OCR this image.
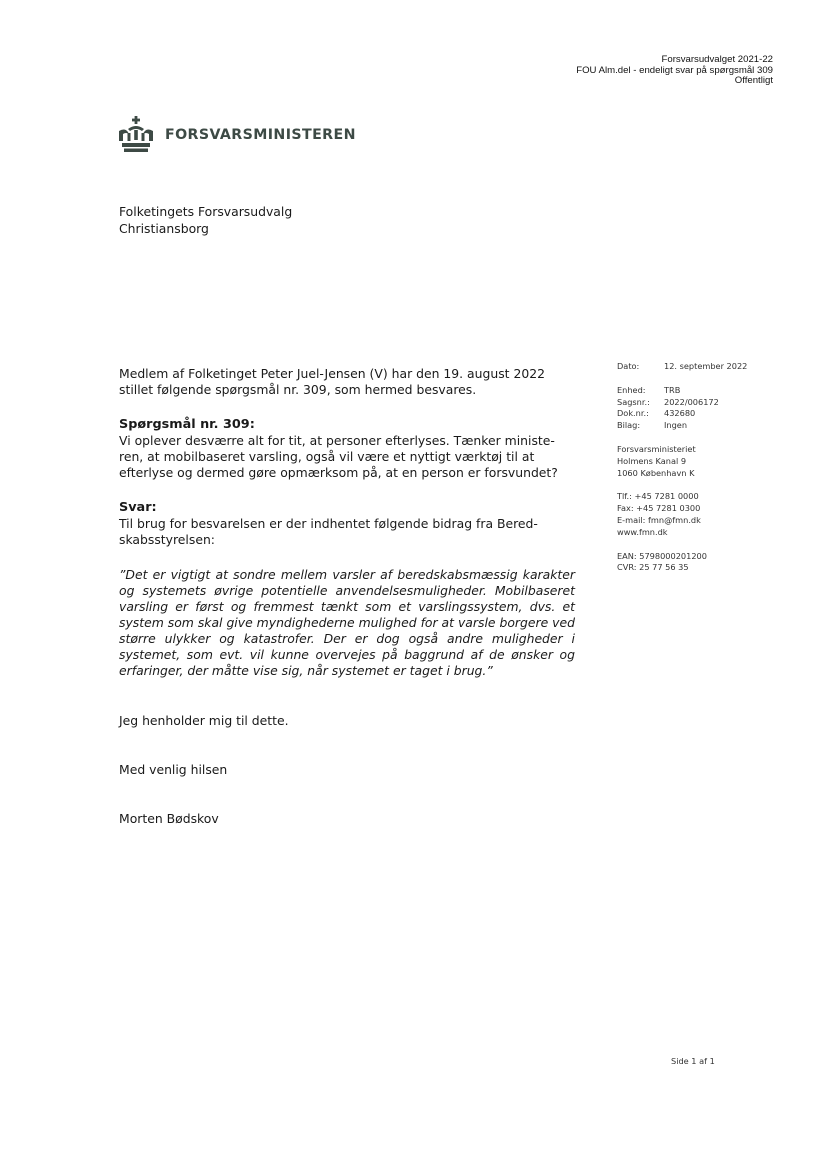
Forsvarsudvalget 2021-22
FOU Alm.del - endeligt svar på spørgsmål 309
Offentligt
FORSVARSMINISTEREN
Folketingets Forsvarsudvalg
Christiansborg

Medlem af Folketinget Peter Juel-Jensen (V) har den 19. august 2022 stillet følgende spørgsmål nr. 309, som hermed besvares.

Spørgsmål nr. 309:

Vi oplever desværre alt for tit, at personer efterlyses. Tænker ministe-ren, at mobilbaseret varsling, også vil være et nyttigt værktøj til at efterlyse og dermed gøre opmærksom på, at en person er forsvundet?

Svar:

Til brug for besvarelsen er der indhentet følgende bidrag fra Bered-skabsstyrelsen:

”Det er vigtigt at sondre mellem varsler af beredskabsmæssig karakter og systemets øvrige potentielle anvendelsesmuligheder. Mobilbaseret varsling er først og fremmest tænkt som et varslingssystem, dvs. et system som skal give myndighederne mulighed for at varsle borgere ved større ulykker og katastrofer. Der er dog også andre muligheder i systemet, som evt. vil kunne overvejes på baggrund af de ønsker og erfaringer, der måtte vise sig, når systemet er taget i brug.”

Jeg henholder mig til dette.

Med venlig hilsen

Morten Bødskov

Dato:	12. september 2022
Enhed:	TRB
Sagsnr.:	2022/006172
Dok.nr.:	432680
Bilag:	Ingen
Forsvarsministeriet
Holmens Kanal 9
1060 København K
Tlf.: +45 7281 0000
Fax: +45 7281 0300
E-mail: fmn@fmn.dk
www.fmn.dk
EAN: 5798000201200
CVR: 25 77 56 35
Side 1 af 1
